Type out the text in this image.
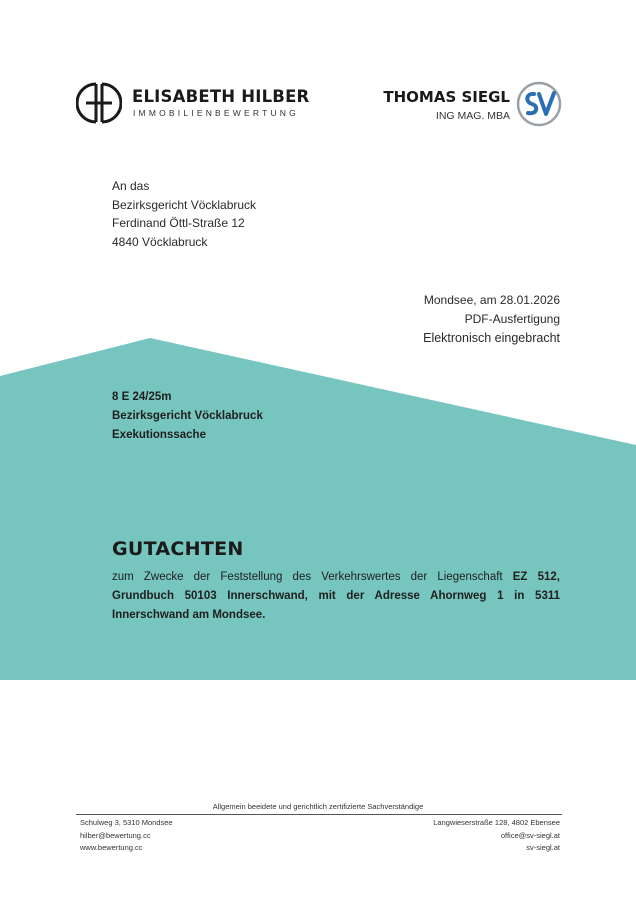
ELISABETH HILBER
IMMOBILIENBEWERTUNG
THOMAS SIEGL
ING MAG. MBA
An das
Bezirksgericht Vöcklabruck
Ferdinand Öttl-Straße 12
4840 Vöcklabruck
Mondsee, am 28.01.2026
PDF-Ausfertigung
Elektronisch eingebracht
8 E 24/25m
Bezirksgericht Vöcklabruck
Exekutionssache
GUTACHTEN
zum Zwecke der Feststellung des Verkehrswertes der Liegenschaft EZ 512, Grundbuch 50103 Innerschwand, mit der Adresse Ahornweg 1 in 5311 Innerschwand am Mondsee.
Allgemein beeidete und gerichtlich zertifizierte Sachverständige
Schulweg 3, 5310 Mondsee
hilber@bewertung.cc
www.bewertung.cc
Langwieserstraße 128, 4802 Ebensee
office@sv-siegl.at
sv-siegl.at
